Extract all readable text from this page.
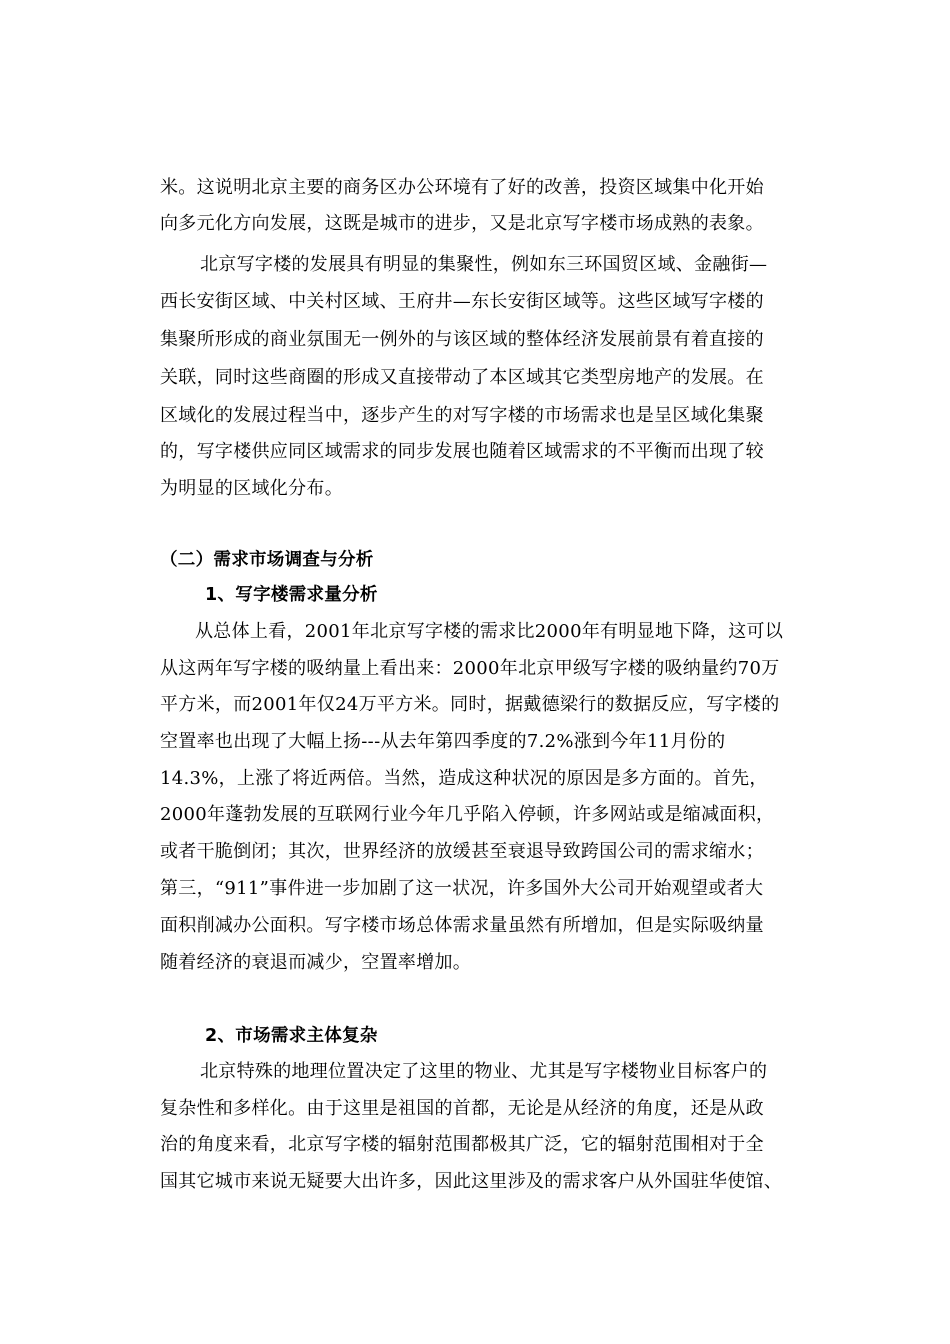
米。这说明北京主要的商务区办公环境有了好的改善，投资区域集中化开始
向多元化方向发展，这既是城市的进步，又是北京写字楼市场成熟的表象。
北京写字楼的发展具有明显的集聚性，例如东三环国贸区域、金融街—
西长安街区域、中关村区域、王府井—东长安街区域等。这些区域写字楼的
集聚所形成的商业氛围无一例外的与该区域的整体经济发展前景有着直接的
关联，同时这些商圈的形成又直接带动了本区域其它类型房地产的发展。在
区域化的发展过程当中，逐步产生的对写字楼的市场需求也是呈区域化集聚
的，写字楼供应同区域需求的同步发展也随着区域需求的不平衡而出现了较
为明显的区域化分布。
（二）需求市场调查与分析
1、写字楼需求量分析
从总体上看，2001年北京写字楼的需求比2000年有明显地下降，这可以
从这两年写字楼的吸纳量上看出来：2000年北京甲级写字楼的吸纳量约70万
平方米，而2001年仅24万平方米。同时，据戴德梁行的数据反应，写字楼的
空置率也出现了大幅上扬---从去年第四季度的7.2%涨到今年11月份的
14.3%，上涨了将近两倍。当然，造成这种状况的原因是多方面的。首先，
2000年蓬勃发展的互联网行业今年几乎陷入停顿，许多网站或是缩减面积，
或者干脆倒闭；其次，世界经济的放缓甚至衰退导致跨国公司的需求缩水；
第三，“911”事件进一步加剧了这一状况，许多国外大公司开始观望或者大
面积削减办公面积。写字楼市场总体需求量虽然有所增加，但是实际吸纳量
随着经济的衰退而减少，空置率增加。
2、市场需求主体复杂
北京特殊的地理位置决定了这里的物业、尤其是写字楼物业目标客户的
复杂性和多样化。由于这里是祖国的首都，无论是从经济的角度，还是从政
治的角度来看，北京写字楼的辐射范围都极其广泛，它的辐射范围相对于全
国其它城市来说无疑要大出许多，因此这里涉及的需求客户从外国驻华使馆、
